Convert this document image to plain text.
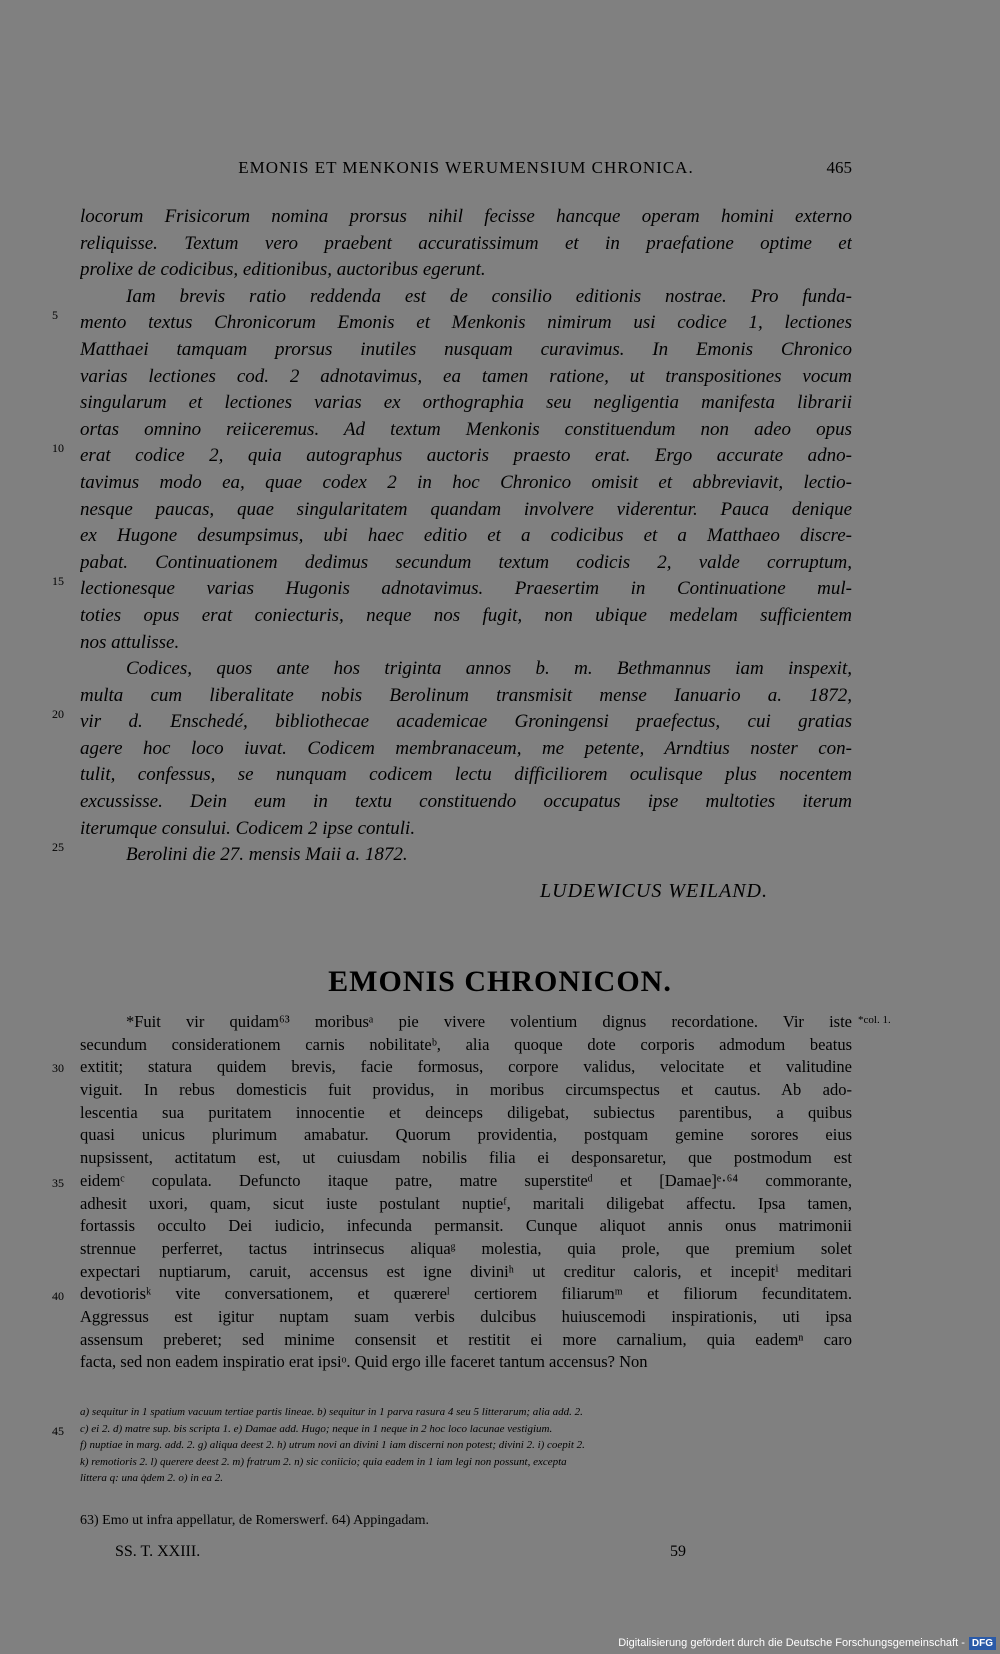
EMONIS ET MENKONIS WERUMENSIUM CHRONICA.	465
locorum Frisicorum nomina prorsus nihil fecisse hancque operam homini externo
reliquisse. Textum vero praebent accuratissimum et in praefatione optime et
prolixe de codicibus, editionibus, auctoribus egerunt.
Iam brevis ratio reddenda est de consilio editionis nostrae. Pro funda-
mento textus Chronicorum Emonis et Menkonis nimirum usi codice 1, lectiones
Matthaei tamquam prorsus inutiles nusquam curavimus. In Emonis Chronico
varias lectiones cod. 2 adnotavimus, ea tamen ratione, ut transpositiones vocum
singularum et lectiones varias ex orthographia seu negligentia manifesta librarii
ortas omnino reiiceremus. Ad textum Menkonis constituendum non adeo opus
erat codice 2, quia autographus auctoris praesto erat. Ergo accurate adno-
tavimus modo ea, quae codex 2 in hoc Chronico omisit et abbreviavit, lectio-
nesque paucas, quae singularitatem quandam involvere viderentur. Pauca denique
ex Hugone desumpsimus, ubi haec editio et a codicibus et a Matthaeo discre-
pabat. Continuationem dedimus secundum textum codicis 2, valde corruptum,
lectionesque varias Hugonis adnotavimus. Praesertim in Continuatione mul-
toties opus erat coniecturis, neque nos fugit, non ubique medelam sufficientem
nos attulisse.
Codices, quos ante hos triginta annos b. m. Bethmannus iam inspexit,
multa cum liberalitate nobis Berolinum transmisit mense Ianuario a. 1872,
vir d. Enschedé, bibliothecae academicae Groningensi praefectus, cui gratias
agere hoc loco iuvat. Codicem membranaceum, me petente, Arndtius noster con-
tulit, confessus, se nunquam codicem lectu difficiliorem oculisque plus nocentem
excussisse. Dein eum in textu constituendo occupatus ipse multoties iterum
iterumque consului. Codicem 2 ipse contuli.
Berolini die 27. mensis Maii a. 1872.
5
10
15
20
25
LUDEWICUS WEILAND.
EMONIS CHRONICON.
*Fuit vir quidam⁶³ moribusᵃ pie vivere volentium dignus recordatione. Vir iste
secundum considerationem carnis nobilitateᵇ, alia quoque dote corporis admodum beatus
extitit; statura quidem brevis, facie formosus, corpore validus, velocitate et valitudine
viguit. In rebus domesticis fuit providus, in moribus circumspectus et cautus. Ab ado-
lescentia sua puritatem innocentie et deinceps diligebat, subiectus parentibus, a quibus
quasi unicus plurimum amabatur. Quorum providentia, postquam gemine sorores eius
nupsissent, actitatum est, ut cuiusdam nobilis filia ei desponsaretur, que postmodum est
eidemᶜ copulata. Defuncto itaque patre, matre superstiteᵈ et [Damae]ᵉ·⁶⁴ commorante,
adhesit uxori, quam, sicut iuste postulant nuptieᶠ, maritali diligebat affectu. Ipsa tamen,
fortassis occulto Dei iudicio, infecunda permansit. Cunque aliquot annis onus matrimonii
strennue perferret, tactus intrinsecus aliquaᵍ molestia, quia prole, que premium solet
expectari nuptiarum, caruit, accensus est igne diviniʰ ut creditur caloris, et incepitⁱ meditari
devotiorisᵏ vite conversationem, et quærereˡ certiorem filiarumᵐ et filiorum fecunditatem.
Aggressus est igitur nuptam suam verbis dulcibus huiuscemodi inspirationis, uti ipsa
assensum preberet; sed minime consensit et restitit ei more carnalium, quia eademⁿ caro
facta, sed non eadem inspiratio erat ipsiᵒ. Quid ergo ille faceret tantum accensus? Non
*col. 1.
30
35
40
a) sequitur in 1 spatium vacuum tertiae partis lineae. b) sequitur in 1 parva rasura 4 seu 5 litterarum; alia add. 2.
c) ei 2. d) matre sup. bis scripta 1. e) Damae add. Hugo; neque in 1 neque in 2 hoc loco lacunae vestigium.
f) nuptiae in marg. add. 2. g) aliqua deest 2. h) utrum novi an divini 1 iam discerni non potest; divini 2. i) coepit 2.
k) remotioris 2. l) querere deest 2. m) fratrum 2. n) sic coniicio; quia eadem in 1 iam legi non possunt, excepta
littera q: una q̇dem 2. o) in ea 2.
45
63) Emo ut infra appellatur, de Romerswerf. 64) Appingadam.
SS. T. XXIII.	59
Digitalisierung gefördert durch die Deutsche Forschungsgemeinschaft - DFG
